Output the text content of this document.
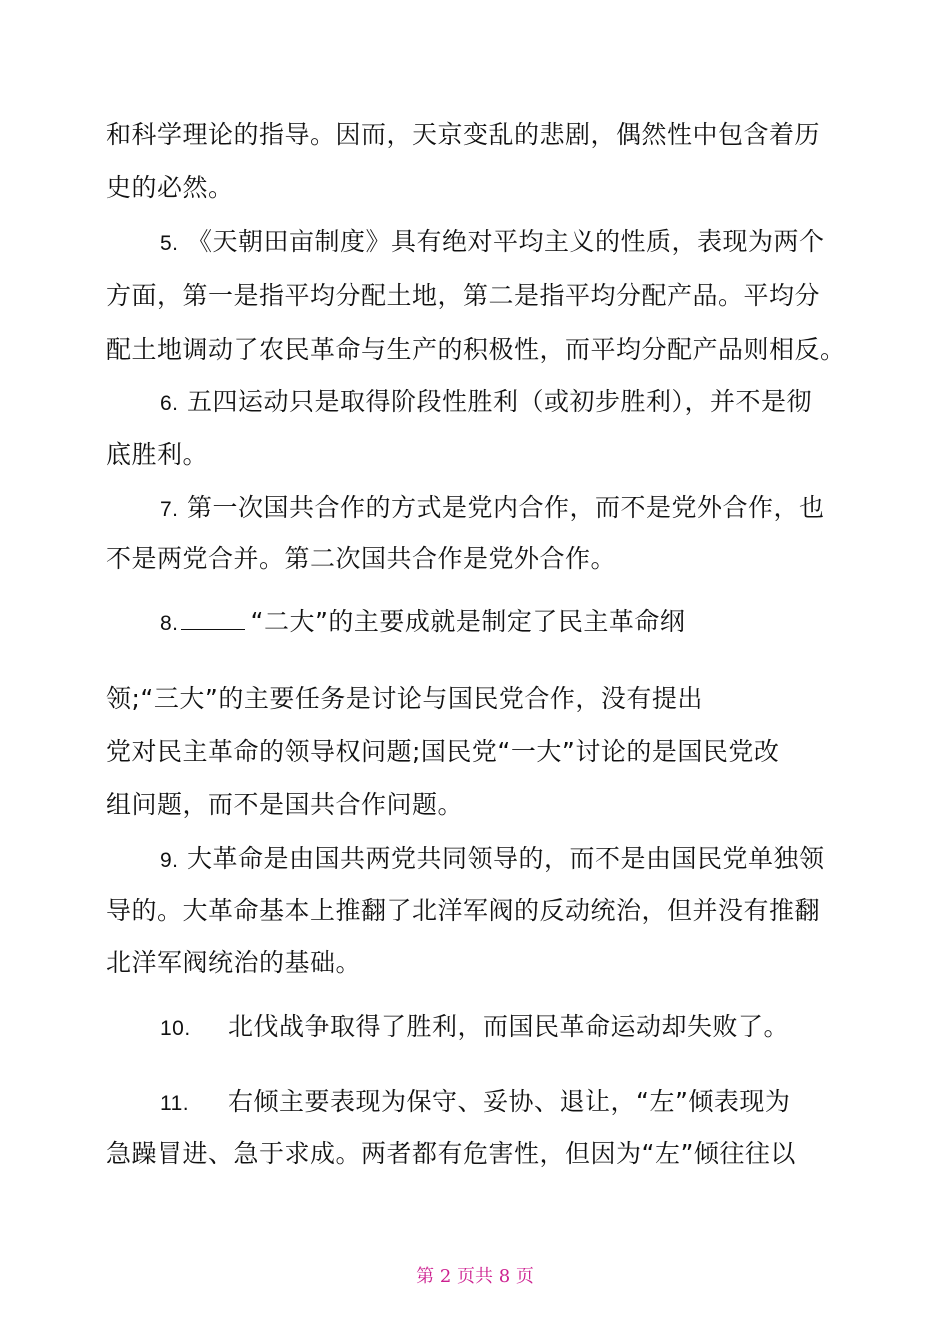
和科学理论的指导。因而，天京变乱的悲剧，偶然性中包含着历
史的必然。
5. 《天朝田亩制度》具有绝对平均主义的性质，表现为两个
方面，第一是指平均分配土地，第二是指平均分配产品。平均分
配土地调动了农民革命与生产的积极性，而平均分配产品则相反。
6. 五四运动只是取得阶段性胜利（或初步胜利），并不是彻
底胜利。
7. 第一次国共合作的方式是党内合作，而不是党外合作，也
不是两党合并。第二次国共合作是党外合作。
8.	“二大”的主要成就是制定了民主革命纲
领;“三大”的主要任务是讨论与国民党合作，没有提出
党对民主革命的领导权问题;国民党“一大”讨论的是国民党改
组问题，而不是国共合作问题。
9. 大革命是由国共两党共同领导的，而不是由国民党单独领
导的。大革命基本上推翻了北洋军阀的反动统治，但并没有推翻
北洋军阀统治的基础。
10. 北伐战争取得了胜利，而国民革命运动却失败了。
11. 右倾主要表现为保守、妥协、退让，“左”倾表现为
急躁冒进、急于求成。两者都有危害性，但因为“左”倾往往以
第 2 页共 8 页
